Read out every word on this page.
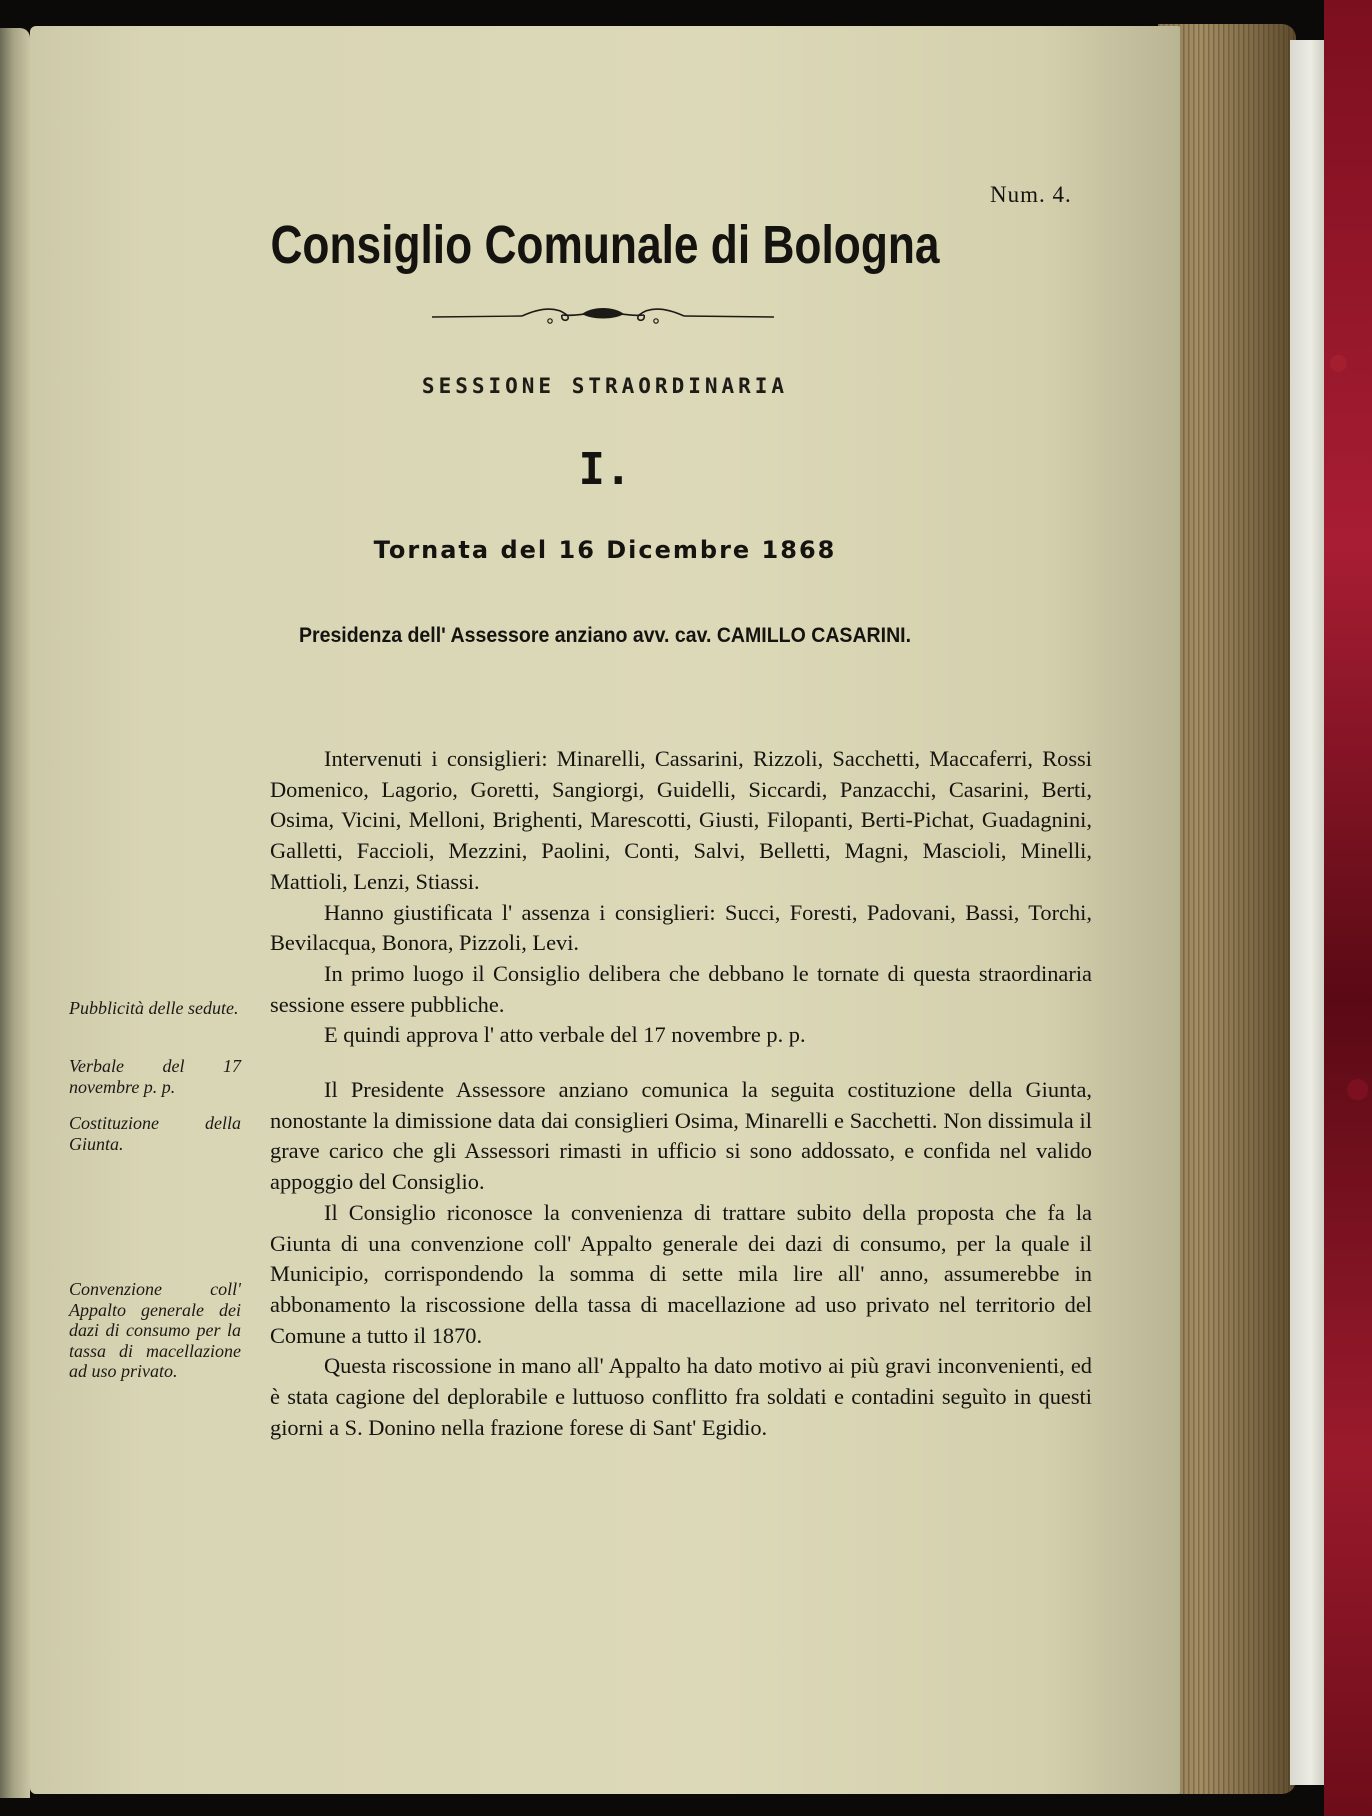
Num. 4.
Consiglio Comunale di Bologna
SESSIONE STRAORDINARIA
I.
Tornata del 16 Dicembre 1868
Presidenza dell' Assessore anziano avv. cav. CAMILLO CASARINI.
Pubblicità delle sedute.
Verbale del 17 novembre p. p.
Costituzione della Giunta.
Convenzione coll' Appalto generale dei dazi di consumo per la tassa di macellazione ad uso privato.

Intervenuti i consiglieri: Minarelli, Cassarini, Rizzoli, Sacchetti, Maccaferri, Rossi Domenico, Lagorio, Goretti, Sangiorgi, Guidelli, Siccardi, Panzacchi, Casarini, Berti, Osima, Vicini, Melloni, Brighenti, Marescotti, Giusti, Filopanti, Berti-Pichat, Guadagnini, Galletti, Faccioli, Mezzini, Paolini, Conti, Salvi, Belletti, Magni, Mascioli, Minelli, Mattioli, Lenzi, Stiassi.

Hanno giustificata l' assenza i consiglieri: Succi, Foresti, Padovani, Bassi, Torchi, Bevilacqua, Bonora, Pizzoli, Levi.

In primo luogo il Consiglio delibera che debbano le tornate di questa straordinaria sessione essere pubbliche.

E quindi approva l' atto verbale del 17 novembre p. p.

Il Presidente Assessore anziano comunica la seguita costituzione della Giunta, nonostante la dimissione data dai consiglieri Osima, Minarelli e Sacchetti. Non dissimula il grave carico che gli Assessori rimasti in ufficio si sono addossato, e confida nel valido appoggio del Consiglio.

Il Consiglio riconosce la convenienza di trattare subito della proposta che fa la Giunta di una convenzione coll' Appalto generale dei dazi di consumo, per la quale il Municipio, corrispondendo la somma di sette mila lire all' anno, assumerebbe in abbonamento la riscossione della tassa di macellazione ad uso privato nel territorio del Comune a tutto il 1870.

Questa riscossione in mano all' Appalto ha dato motivo ai più gravi inconvenienti, ed è stata cagione del deplorabile e luttuoso conflitto fra soldati e contadini seguìto in questi giorni a S. Donino nella frazione forese di Sant' Egidio.
